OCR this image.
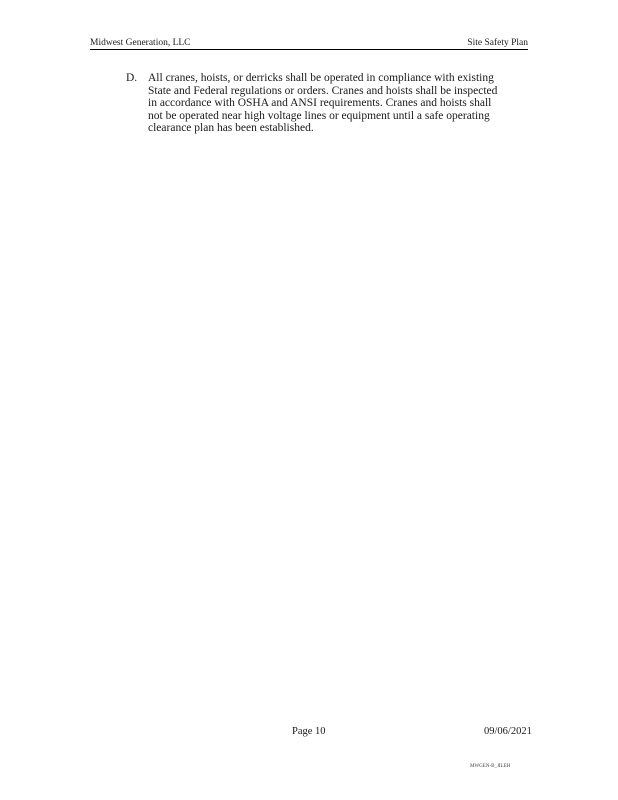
Midwest Generation, LLC	Site Safety Plan
D. All cranes, hoists, or derricks shall be operated in compliance with existing
State and Federal regulations or orders. Cranes and hoists shall be inspected
in accordance with OSHA and ANSI requirements. Cranes and hoists shall
not be operated near high voltage lines or equipment until a safe operating
clearance plan has been established.
Page 10	09/06/2021
MWGEN-B_JILEH
